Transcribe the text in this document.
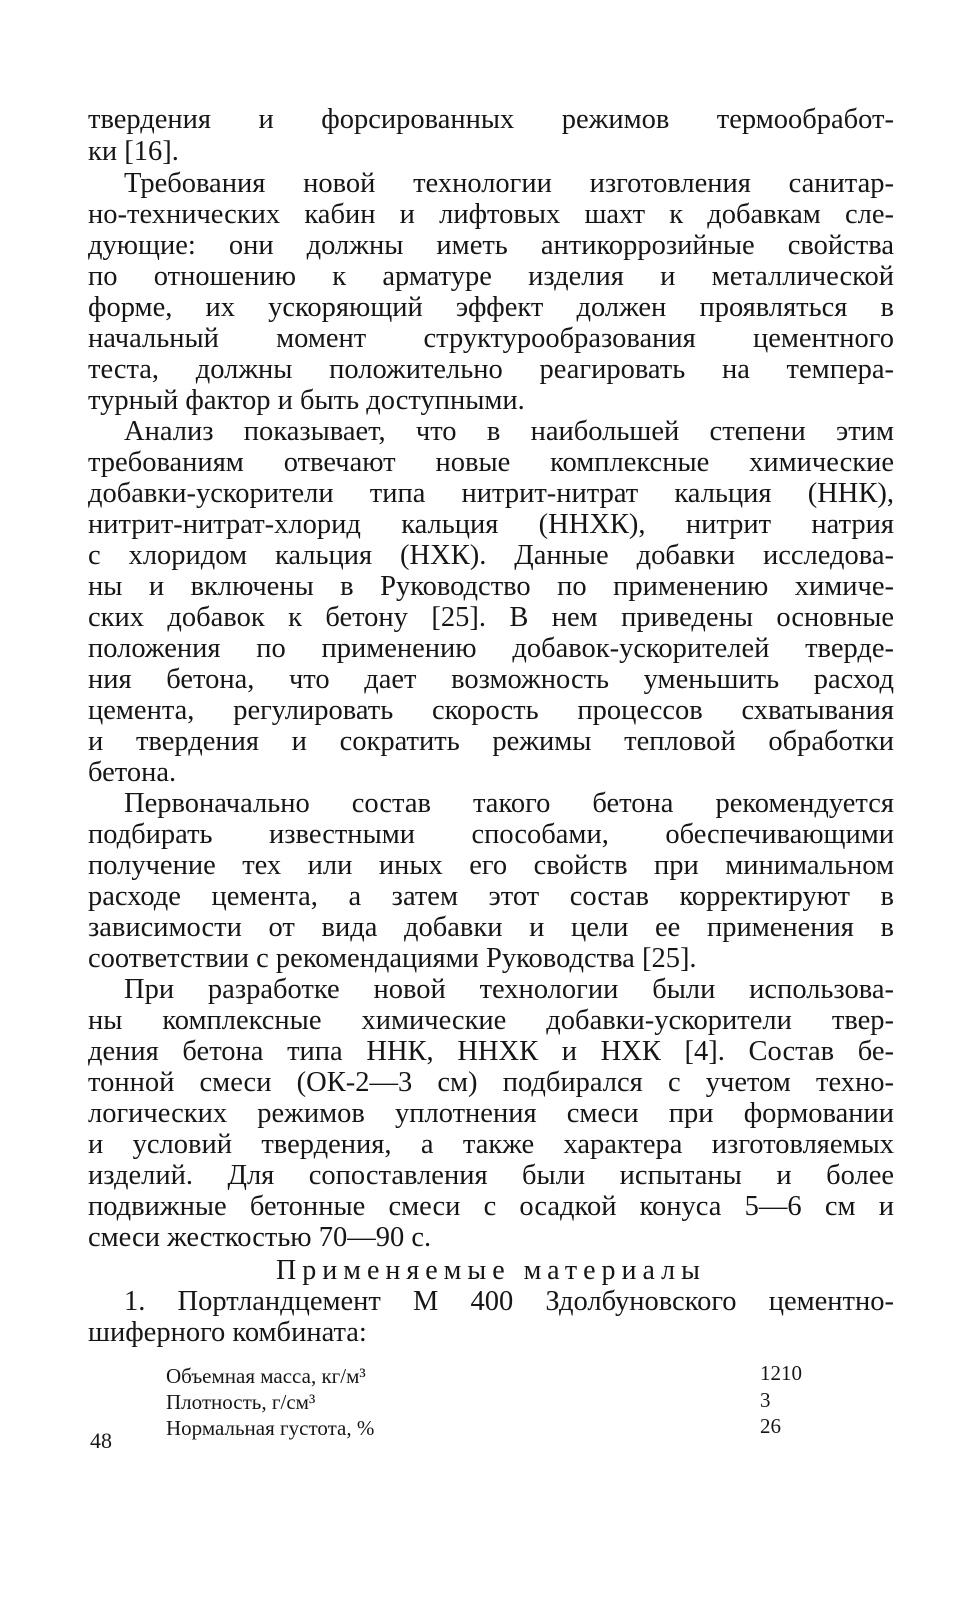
твердения и форсированных режимов термообработ-
ки [16].
Требования новой технологии изготовления санитар-
но-технических кабин и лифтовых шахт к добавкам сле-
дующие: они должны иметь антикоррозийные свойства
по отношению к арматуре изделия и металлической
форме, их ускоряющий эффект должен проявляться в
начальный момент структурообразования цементного
теста, должны положительно реагировать на темпера-
турный фактор и быть доступными.
Анализ показывает, что в наибольшей степени этим
требованиям отвечают новые комплексные химические
добавки-ускорители типа нитрит-нитрат кальция (ННК),
нитрит-нитрат-хлорид кальция (ННХК), нитрит натрия
с хлоридом кальция (НХК). Данные добавки исследова-
ны и включены в Руководство по применению химиче-
ских добавок к бетону [25]. В нем приведены основные
положения по применению добавок-ускорителей тверде-
ния бетона, что дает возможность уменьшить расход
цемента, регулировать скорость процессов схватывания
и твердения и сократить режимы тепловой обработки
бетона.
Первоначально состав такого бетона рекомендуется
подбирать известными способами, обеспечивающими
получение тех или иных его свойств при минимальном
расходе цемента, а затем этот состав корректируют в
зависимости от вида добавки и цели ее применения в
соответствии с рекомендациями Руководства [25].
При разработке новой технологии были использова-
ны комплексные химические добавки-ускорители твер-
дения бетона типа ННК, ННХК и НХК [4]. Состав бе-
тонной смеси (ОК-2—3 см) подбирался с учетом техно-
логических режимов уплотнения смеси при формовании
и условий твердения, а также характера изготовляемых
изделий. Для сопоставления были испытаны и более
подвижные бетонные смеси с осадкой конуса 5—6 см и
смеси жесткостью 70—90 с.
Применяемые материалы
1. Портландцемент М 400 Здолбуновского цементно-
шиферного комбината:
Объемная масса, кг/м³	1210
Плотность, г/см³	3
Нормальная густота, %	26
48
